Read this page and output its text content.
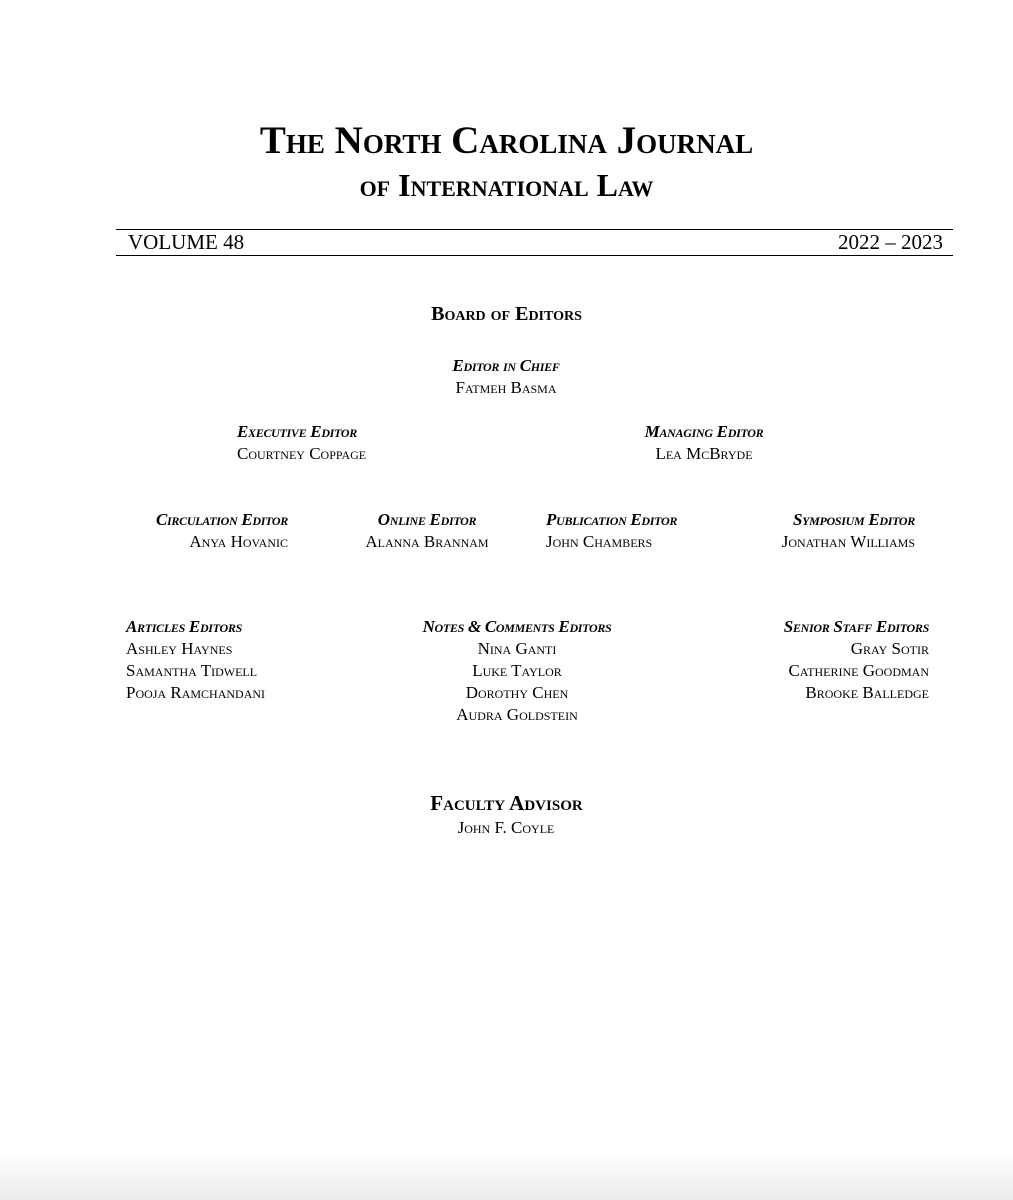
The North Carolina Journal
of International Law
VOLUME 48	2022 – 2023
Board of Editors
Editor in Chief
Fatmeh Basma
Executive Editor
Courtney Coppage
Managing Editor
Lea McBryde
Circulation Editor
Anya Hovanic
Online Editor
Alanna Brannam
Publication Editor
John Chambers
Symposium Editor
Jonathan Williams
Articles Editors
Ashley Haynes
Samantha Tidwell
Pooja Ramchandani
Notes & Comments Editors
Nina Ganti
Luke Taylor
Dorothy Chen
Audra Goldstein
Senior Staff Editors
Gray Sotir
Catherine Goodman
Brooke Balledge
Faculty Advisor
John F. Coyle
